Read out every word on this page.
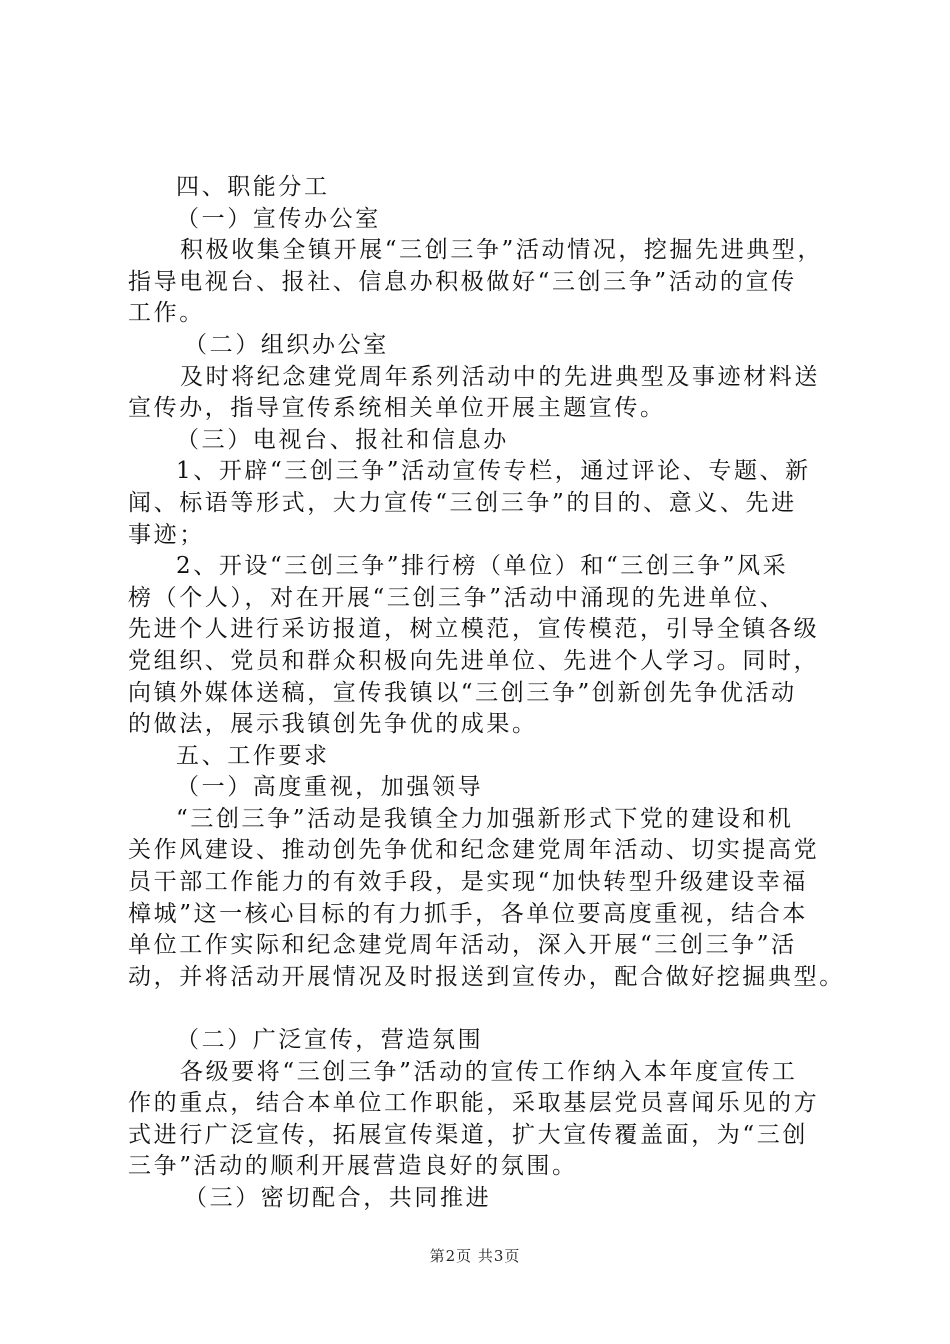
四、职能分工
（一）宣传办公室
积极收集全镇开展“三创三争”活动情况，挖掘先进典型，
指导电视台、报社、信息办积极做好“三创三争”活动的宣传
工作。
（二）组织办公室
及时将纪念建党周年系列活动中的先进典型及事迹材料送
宣传办，指导宣传系统相关单位开展主题宣传。
（三）电视台、报社和信息办
1、开辟“三创三争”活动宣传专栏，通过评论、专题、新
闻、标语等形式，大力宣传“三创三争”的目的、意义、先进
事迹；
2、开设“三创三争”排行榜（单位）和“三创三争”风采
榜（个人），对在开展“三创三争”活动中涌现的先进单位、
先进个人进行采访报道，树立模范，宣传模范，引导全镇各级
党组织、党员和群众积极向先进单位、先进个人学习。同时，
向镇外媒体送稿，宣传我镇以“三创三争”创新创先争优活动
的做法，展示我镇创先争优的成果。
五、工作要求
（一）高度重视，加强领导
“三创三争”活动是我镇全力加强新形式下党的建设和机
关作风建设、推动创先争优和纪念建党周年活动、切实提高党
员干部工作能力的有效手段，是实现“加快转型升级建设幸福
樟城”这一核心目标的有力抓手，各单位要高度重视，结合本
单位工作实际和纪念建党周年活动，深入开展“三创三争”活
动，并将活动开展情况及时报送到宣传办，配合做好挖掘典型。
（二）广泛宣传，营造氛围
各级要将“三创三争”活动的宣传工作纳入本年度宣传工
作的重点，结合本单位工作职能，采取基层党员喜闻乐见的方
式进行广泛宣传，拓展宣传渠道，扩大宣传覆盖面，为“三创
三争”活动的顺利开展营造良好的氛围。
（三）密切配合，共同推进
第2页 共3页
